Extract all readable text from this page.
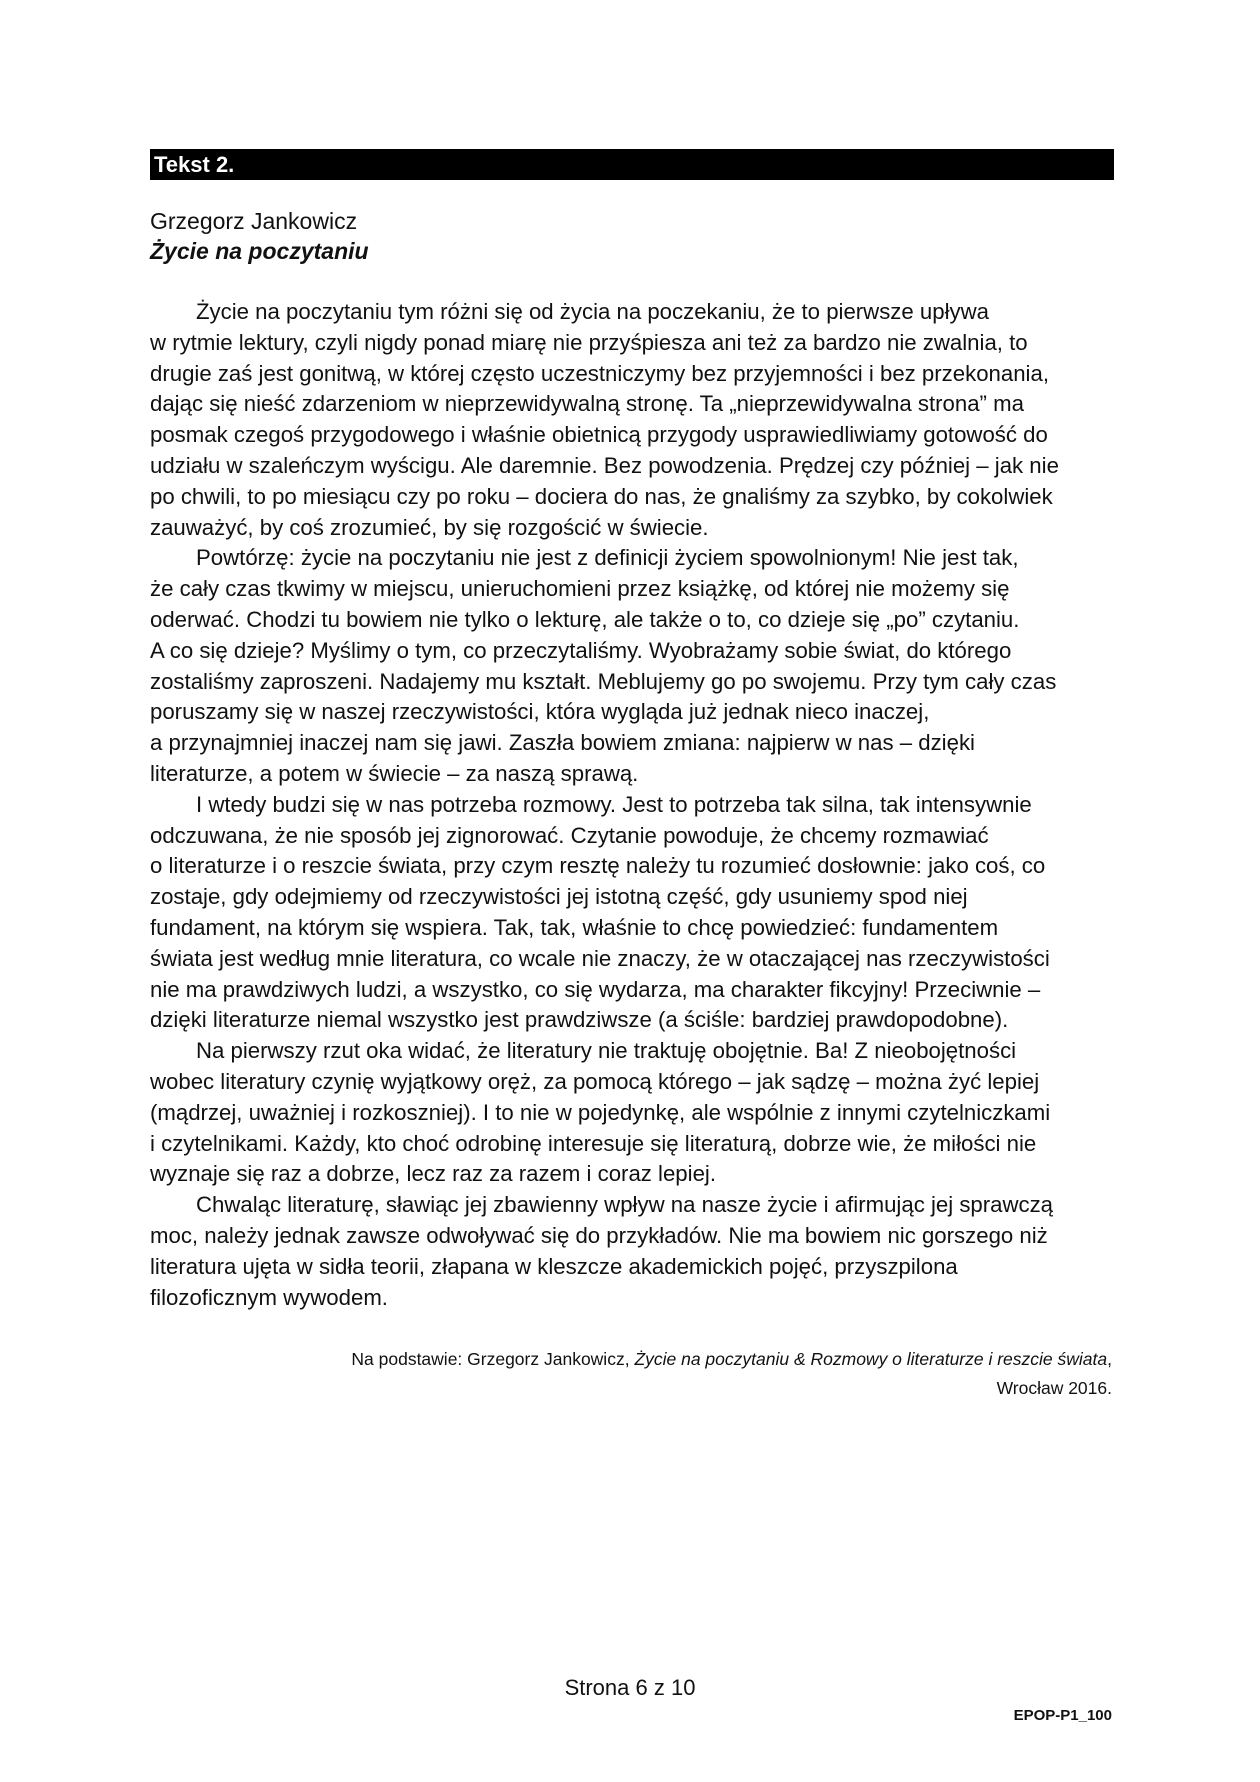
Tekst 2.
Grzegorz Jankowicz
Życie na poczytaniu

Życie na poczytaniu tym różni się od życia na poczekaniu, że to pierwsze upływa
w rytmie lektury, czyli nigdy ponad miarę nie przyśpiesza ani też za bardzo nie zwalnia, to
drugie zaś jest gonitwą, w której często uczestniczymy bez przyjemności i bez przekonania,
dając się nieść zdarzeniom w nieprzewidywalną stronę. Ta „nieprzewidywalna strona” ma
posmak czegoś przygodowego i właśnie obietnicą przygody usprawiedliwiamy gotowość do
udziału w szaleńczym wyścigu. Ale daremnie. Bez powodzenia. Prędzej czy później – jak nie
po chwili, to po miesiącu czy po roku – dociera do nas, że gnaliśmy za szybko, by cokolwiek
zauważyć, by coś zrozumieć, by się rozgościć w świecie.

Powtórzę: życie na poczytaniu nie jest z definicji życiem spowolnionym! Nie jest tak,
że cały czas tkwimy w miejscu, unieruchomieni przez książkę, od której nie możemy się
oderwać. Chodzi tu bowiem nie tylko o lekturę, ale także o to, co dzieje się „po” czytaniu.
A co się dzieje? Myślimy o tym, co przeczytaliśmy. Wyobrażamy sobie świat, do którego
zostaliśmy zaproszeni. Nadajemy mu kształt. Meblujemy go po swojemu. Przy tym cały czas
poruszamy się w naszej rzeczywistości, która wygląda już jednak nieco inaczej,
a przynajmniej inaczej nam się jawi. Zaszła bowiem zmiana: najpierw w nas – dzięki
literaturze, a potem w świecie – za naszą sprawą.

I wtedy budzi się w nas potrzeba rozmowy. Jest to potrzeba tak silna, tak intensywnie
odczuwana, że nie sposób jej zignorować. Czytanie powoduje, że chcemy rozmawiać
o literaturze i o reszcie świata, przy czym resztę należy tu rozumieć dosłownie: jako coś, co
zostaje, gdy odejmiemy od rzeczywistości jej istotną część, gdy usuniemy spod niej
fundament, na którym się wspiera. Tak, tak, właśnie to chcę powiedzieć: fundamentem
świata jest według mnie literatura, co wcale nie znaczy, że w otaczającej nas rzeczywistości
nie ma prawdziwych ludzi, a wszystko, co się wydarza, ma charakter fikcyjny! Przeciwnie –
dzięki literaturze niemal wszystko jest prawdziwsze (a ściśle: bardziej prawdopodobne).

Na pierwszy rzut oka widać, że literatury nie traktuję obojętnie. Ba! Z nieobojętności
wobec literatury czynię wyjątkowy oręż, za pomocą którego – jak sądzę – można żyć lepiej
(mądrzej, uważniej i rozkoszniej). I to nie w pojedynkę, ale wspólnie z innymi czytelniczkami
i czytelnikami. Każdy, kto choć odrobinę interesuje się literaturą, dobrze wie, że miłości nie
wyznaje się raz a dobrze, lecz raz za razem i coraz lepiej.

Chwaląc literaturę, sławiąc jej zbawienny wpływ na nasze życie i afirmując jej sprawczą
moc, należy jednak zawsze odwoływać się do przykładów. Nie ma bowiem nic gorszego niż
literatura ujęta w sidła teorii, złapana w kleszcze akademickich pojęć, przyszpilona
filozoficznym wywodem.

Na podstawie: Grzegorz Jankowicz, Życie na poczytaniu & Rozmowy o literaturze i reszcie świata,
Wrocław 2016.
Strona 6 z 10
EPOP-P1_100
